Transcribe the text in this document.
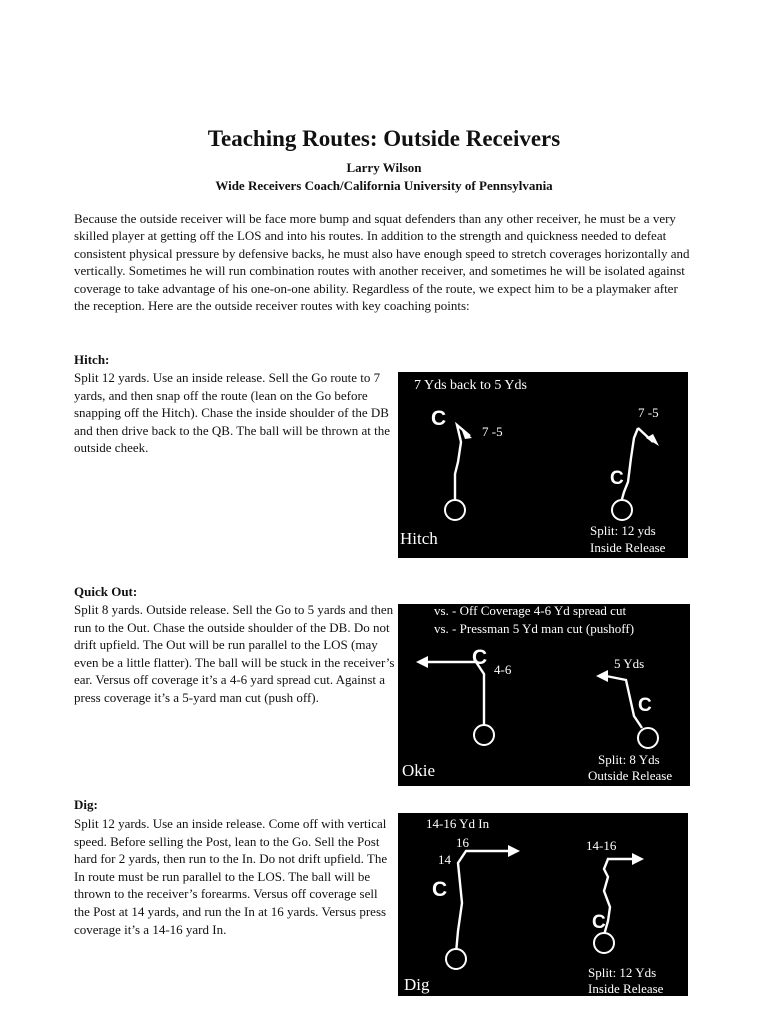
Teaching Routes: Outside Receivers
Larry Wilson
Wide Receivers Coach/California University of Pennsylvania

Because the outside receiver will be face more bump and squat defenders than any other receiver, he must be a very skilled player at getting off the LOS and into his routes. In addition to the strength and quickness needed to defeat consistent physical pressure by defensive backs, he must also have enough speed to stretch coverages horizontally and vertically. Sometimes he will run combination routes with another receiver, and sometimes he will be isolated against coverage to take advantage of his one-on-one ability. Regardless of the route, we expect him to be a playmaker after the reception. Here are the outside receiver routes with key coaching points:

Hitch:

Split 12 yards. Use an inside release. Sell the Go route to 7 yards, and then snap off the route (lean on the Go before snapping off the Hitch). Chase the inside shoulder of the DB and then drive back to the QB. The ball will be thrown at the outside cheek.

7 Yds back to 5 Yds
C
7 -5
7 -5
C
Hitch	Split: 12 yds
Inside Release
Quick Out:

Split 8 yards. Outside release. Sell the Go to 5 yards and then run to the Out. Chase the outside shoulder of the DB. Do not drift upfield. The Out will be run parallel to the LOS (may even be a little flatter). The ball will be stuck in the receiver’s ear. Versus off coverage it’s a 4-6 yard spread cut. Against a press coverage it’s a 5-yard man cut (push off).

vs. - Off Coverage 4-6 Yd spread cut
vs. - Pressman 5 Yd man cut (pushoff)
C
4-6	5 Yds
C
Okie
Split: 8 Yds
Outside Release
Dig:

Split 12 yards. Use an inside release. Come off with vertical speed. Before selling the Post, lean to the Go. Sell the Post hard for 2 yards, then run to the In. Do not drift upfield. The In route must be run parallel to the LOS. The ball will be thrown to the receiver’s forearms. Versus off coverage sell the Post at 14 yards, and run the In at 16 yards. Versus press coverage it’s a 14-16 yard In.

14-16 Yd In
16
14
C
14-16
C
Dig
Split: 12 Yds
Inside Release
